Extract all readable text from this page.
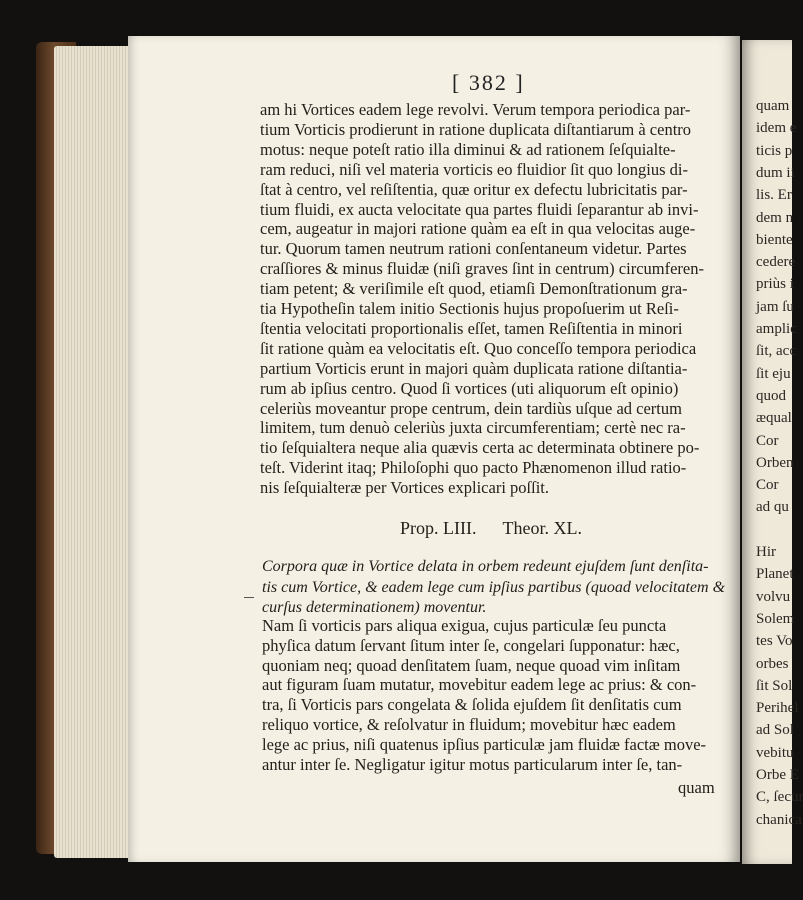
quam
idem e
ticis p
dum ii
lis. Er
dem n
biente
cedere
priùs i
jam ſu
amplic
ſit, acc
ſit eju
quod
æqual
Cor
Orben
Cor
ad qu
Hir
Planet
volvu
Solem
tes Vo
orbes
ſit Sol
Perihel
ad Sol
vebitu
Orbe E
C, ſecur
chanica
[ 382 ]
am hi Vortices eadem lege revolvi. Verum tempora periodica par-
tium Vorticis prodierunt in ratione duplicata diſtantiarum à centro
motus: neque poteſt ratio illa diminui & ad rationem ſeſquialte-
ram reduci, niſi vel materia vorticis eo fluidior ſit quo longius di-
ſtat à centro, vel reſiſtentia, quæ oritur ex defectu lubricitatis par-
tium fluidi, ex aucta velocitate qua partes fluidi ſeparantur ab invi-
cem, augeatur in majori ratione quàm ea eſt in qua velocitas auge-
tur. Quorum tamen neutrum rationi conſentaneum videtur. Partes
craſſiores & minus fluidæ (niſi graves ſint in centrum) circumferen-
tiam petent; & veriſimile eſt quod, etiamſi Demonſtrationum gra-
tia Hypotheſin talem initio Sectionis hujus propoſuerim ut Reſi-
ſtentia velocitati proportionalis eſſet, tamen Reſiſtentia in minori
ſit ratione quàm ea velocitatis eſt. Quo conceſſo tempora periodica
partium Vorticis erunt in majori quàm duplicata ratione diſtantia-
rum ab ipſius centro. Quod ſi vortices (uti aliquorum eſt opinio)
celeriùs moveantur prope centrum, dein tardiùs uſque ad certum
limitem, tum denuò celeriùs juxta circumferentiam; certè nec ra-
tio ſeſquialtera neque alia quævis certa ac determinata obtinere po-
teſt. Viderint itaq; Philoſophi quo pacto Phænomenon illud ratio-
nis ſeſquialteræ per Vortices explicari poſſit.
Prop. LIII. Theor. XL.
Corpora quæ in Vortice delata in orbem redeunt ejuſdem ſunt denſita-
tis cum Vortice, & eadem lege cum ipſius partibus (quoad velocitatem &
curſus determinationem) moventur.
Nam ſi vorticis pars aliqua exigua, cujus particulæ ſeu puncta
phyſica datum ſervant ſitum inter ſe, congelari ſupponatur: hæc,
quoniam neq; quoad denſitatem ſuam, neque quoad vim inſitam
aut figuram ſuam mutatur, movebitur eadem lege ac prius: & con-
tra, ſi Vorticis pars congelata & ſolida ejuſdem ſit denſitatis cum
reliquo vortice, & reſolvatur in fluidum; movebitur hæc eadem
lege ac prius, niſi quatenus ipſius particulæ jam fluidæ factæ move-
antur inter ſe. Negligatur igitur motus particularum inter ſe, tan-
quam
